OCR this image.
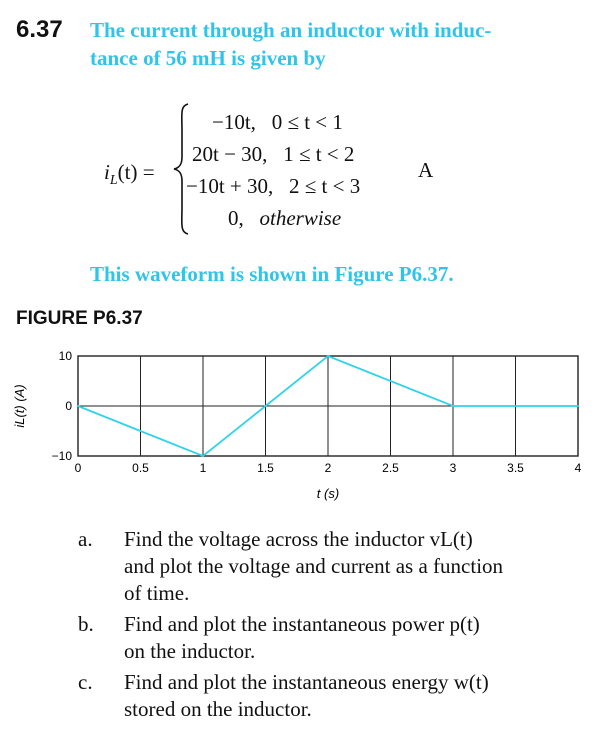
6.37 The current through an inductor with induc-
tance of 56 mH is given by
$i_L(t)$ =
−10t, 0 ≤ t < 1
20t − 30, 1 ≤ t < 2
−10t + 30, 2 ≤ t < 3
0, otherwise
A
This waveform is shown in Figure P6.37.
FIGURE P6.37
10
0
−10
0	0.5	1	1.5	2	2.5	3	3.5	4
t (s)
iL(t) (A)
a. Find the voltage across the inductor vL(t)
and plot the voltage and current as a function
of time.
b. Find and plot the instantaneous power p(t)
on the inductor.
c. Find and plot the instantaneous energy w(t)
stored on the inductor.
